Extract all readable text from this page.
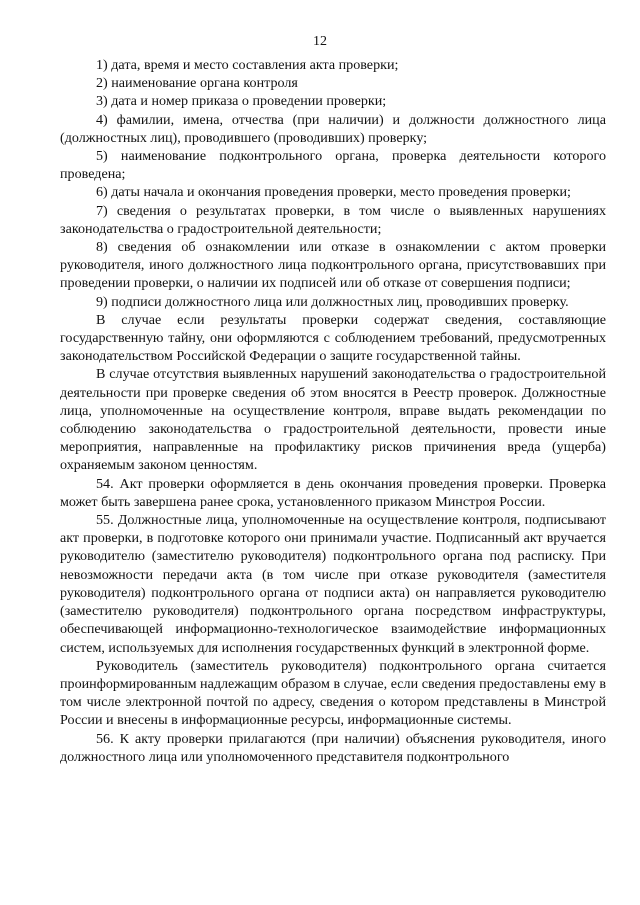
12

1) дата, время и место составления акта проверки;

2) наименование органа контроля

3) дата и номер приказа о проведении проверки;

4) фамилии, имена, отчества (при наличии) и должности должностного лица (должностных лиц), проводившего (проводивших) проверку;

5) наименование подконтрольного органа, проверка деятельности которого проведена;

6) даты начала и окончания проведения проверки, место проведения проверки;

7) сведения о результатах проверки, в том числе о выявленных нарушениях законодательства о градостроительной деятельности;

8) сведения об ознакомлении или отказе в ознакомлении с актом проверки руководителя, иного должностного лица подконтрольного органа, присутствовавших при проведении проверки, о наличии их подписей или об отказе от совершения подписи;

9) подписи должностного лица или должностных лиц, проводивших проверку.

В случае если результаты проверки содержат сведения, составляющие государственную тайну, они оформляются с соблюдением требований, предусмотренных законодательством Российской Федерации о защите государственной тайны.

В случае отсутствия выявленных нарушений законодательства о градостроительной деятельности при проверке сведения об этом вносятся в Реестр проверок. Должностные лица, уполномоченные на осуществление контроля, вправе выдать рекомендации по соблюдению законодательства о градостроительной деятельности, провести иные мероприятия, направленные на профилактику рисков причинения вреда (ущерба) охраняемым законом ценностям.

54. Акт проверки оформляется в день окончания проведения проверки. Проверка может быть завершена ранее срока, установленного приказом Минстроя России.

55. Должностные лица, уполномоченные на осуществление контроля, подписывают акт проверки, в подготовке которого они принимали участие. Подписанный акт вручается руководителю (заместителю руководителя) подконтрольного органа под расписку. При невозможности передачи акта (в том числе при отказе руководителя (заместителя руководителя) подконтрольного органа от подписи акта) он направляется руководителю (заместителю руководителя) подконтрольного органа посредством инфраструктуры, обеспечивающей информационно-технологическое взаимодействие информационных систем, используемых для исполнения государственных функций в электронной форме.

Руководитель (заместитель руководителя) подконтрольного органа считается проинформированным надлежащим образом в случае, если сведения предоставлены ему в том числе электронной почтой по адресу, сведения о котором представлены в Минстрой России и внесены в информационные ресурсы, информационные системы.

56. К акту проверки прилагаются (при наличии) объяснения руководителя, иного должностного лица или уполномоченного представителя подконтрольного
